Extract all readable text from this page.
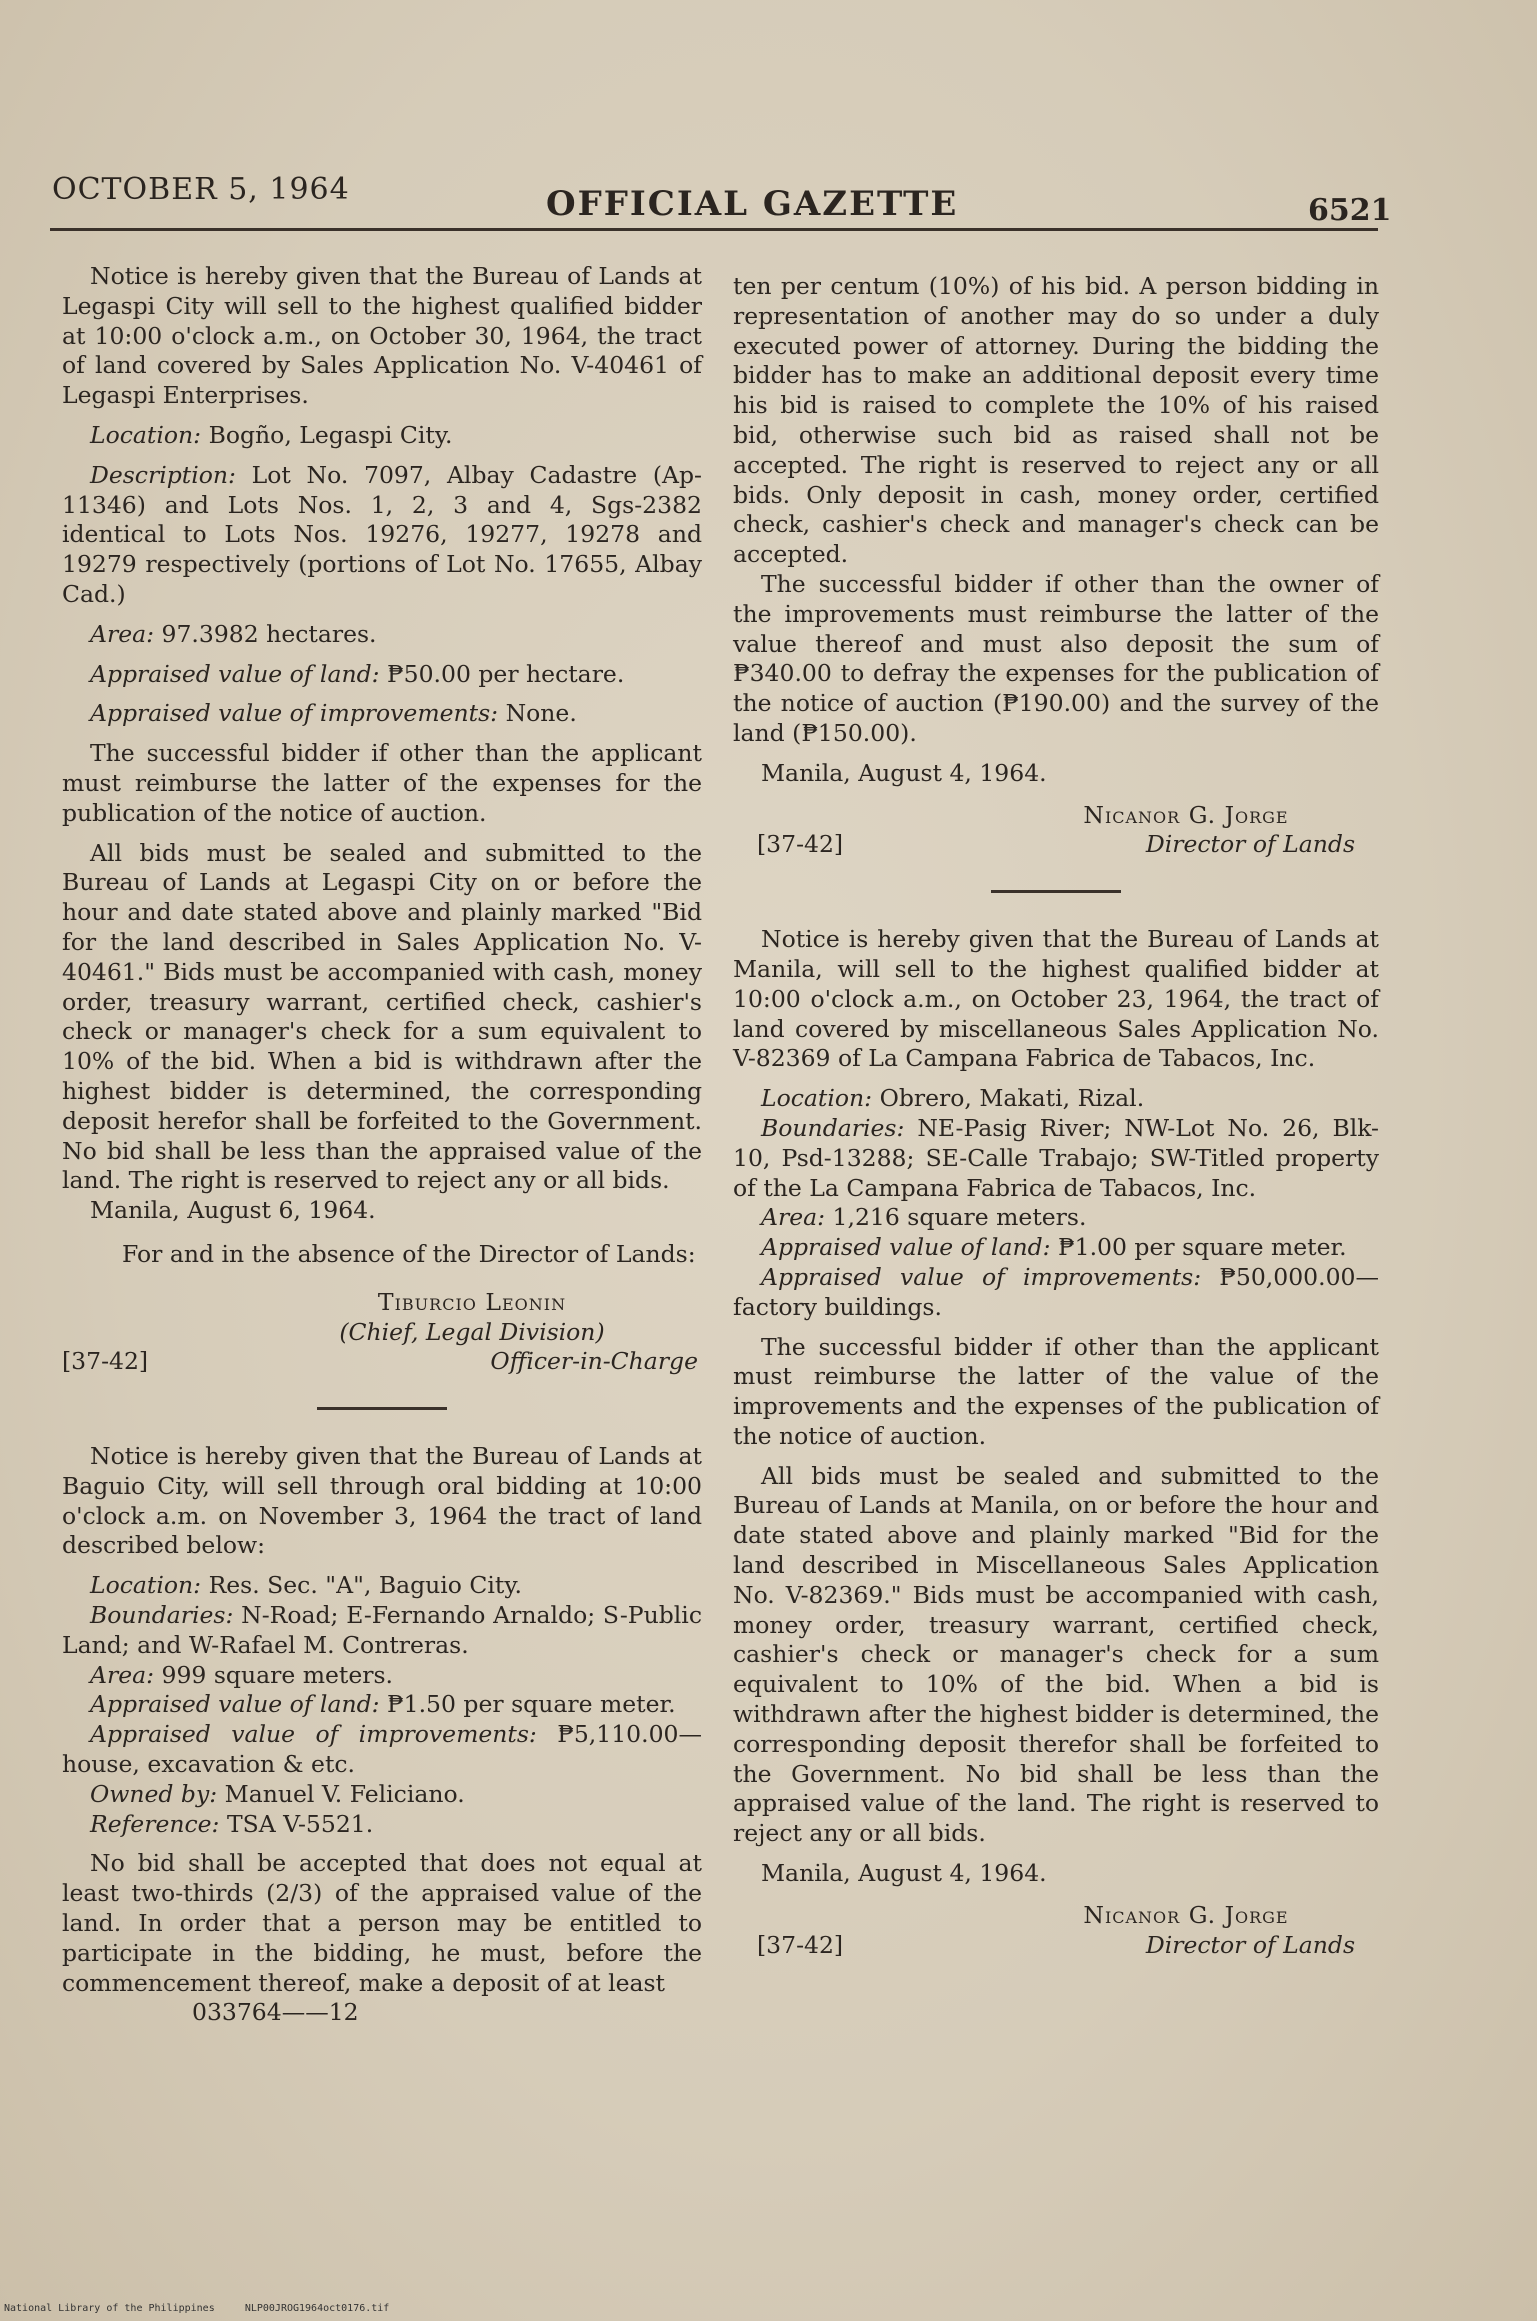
OCTOBER 5, 1964	OFFICIAL GAZETTE	6521

Notice is hereby given that the Bureau of Lands at Legaspi City will sell to the highest qualified bidder at 10:00 o'clock a.m., on October 30, 1964, the tract of land covered by Sales Application No. V-40461 of Legaspi Enterprises.

Location: Bogño, Legaspi City.

Description: Lot No. 7097, Albay Cadastre (Ap-11346) and Lots Nos. 1, 2, 3 and 4, Sgs-2382 identical to Lots Nos. 19276, 19277, 19278 and 19279 respectively (portions of Lot No. 17655, Albay Cad.)

Area: 97.3982 hectares.

Appraised value of land: ₱50.00 per hectare.

Appraised value of improvements: None.

The successful bidder if other than the applicant must reimburse the latter of the expenses for the publication of the notice of auction.

All bids must be sealed and submitted to the Bureau of Lands at Legaspi City on or before the hour and date stated above and plainly marked "Bid for the land described in Sales Application No. V-40461." Bids must be accompanied with cash, money order, treasury warrant, certified check, cashier's check or manager's check for a sum equivalent to 10% of the bid. When a bid is withdrawn after the highest bidder is determined, the corresponding deposit herefor shall be forfeited to the Government. No bid shall be less than the appraised value of the land. The right is reserved to reject any or all bids.

Manila, August 6, 1964.

For and in the absence of the Director of Lands:

Tiburcio Leonin
(Chief, Legal Division)
[37-42]	Officer-in-Charge

Notice is hereby given that the Bureau of Lands at Baguio City, will sell through oral bidding at 10:00 o'clock a.m. on November 3, 1964 the tract of land described below:

Location: Res. Sec. "A", Baguio City.

Boundaries: N-Road; E-Fernando Arnaldo; S-Public Land; and W-Rafael M. Contreras.

Area: 999 square meters.

Appraised value of land: ₱1.50 per square meter.

Appraised value of improvements: ₱5,110.00—house, excavation & etc.

Owned by: Manuel V. Feliciano.

Reference: TSA V-5521.

No bid shall be accepted that does not equal at least two-thirds (2/3) of the appraised value of the land. In order that a person may be entitled to participate in the bidding, he must, before the commencement thereof, make a deposit of at least

033764——12

ten per centum (10%) of his bid. A person bidding in representation of another may do so under a duly executed power of attorney. During the bidding the bidder has to make an additional deposit every time his bid is raised to complete the 10% of his raised bid, otherwise such bid as raised shall not be accepted. The right is reserved to reject any or all bids. Only deposit in cash, money order, certified check, cashier's check and manager's check can be accepted.

The successful bidder if other than the owner of the improvements must reimburse the latter of the value thereof and must also deposit the sum of ₱340.00 to defray the expenses for the publication of the notice of auction (₱190.00) and the survey of the land (₱150.00).

Manila, August 4, 1964.

Nicanor G. Jorge
[37-42]	Director of Lands

Notice is hereby given that the Bureau of Lands at Manila, will sell to the highest qualified bidder at 10:00 o'clock a.m., on October 23, 1964, the tract of land covered by miscellaneous Sales Application No. V-82369 of La Campana Fabrica de Tabacos, Inc.

Location: Obrero, Makati, Rizal.

Boundaries: NE-Pasig River; NW-Lot No. 26, Blk-10, Psd-13288; SE-Calle Trabajo; SW-Titled property of the La Campana Fabrica de Tabacos, Inc.

Area: 1,216 square meters.

Appraised value of land: ₱1.00 per square meter.

Appraised value of improvements: ₱50,000.00—factory buildings.

The successful bidder if other than the applicant must reimburse the latter of the value of the improvements and the expenses of the publication of the notice of auction.

All bids must be sealed and submitted to the Bureau of Lands at Manila, on or before the hour and date stated above and plainly marked "Bid for the land described in Miscellaneous Sales Application No. V-82369." Bids must be accompanied with cash, money order, treasury warrant, certified check, cashier's check or manager's check for a sum equivalent to 10% of the bid. When a bid is withdrawn after the highest bidder is determined, the corresponding deposit therefor shall be forfeited to the Government. No bid shall be less than the appraised value of the land. The right is reserved to reject any or all bids.

Manila, August 4, 1964.

Nicanor G. Jorge
[37-42]	Director of Lands
National Library of the Philippines	NLP00JROG1964oct0176.tif
